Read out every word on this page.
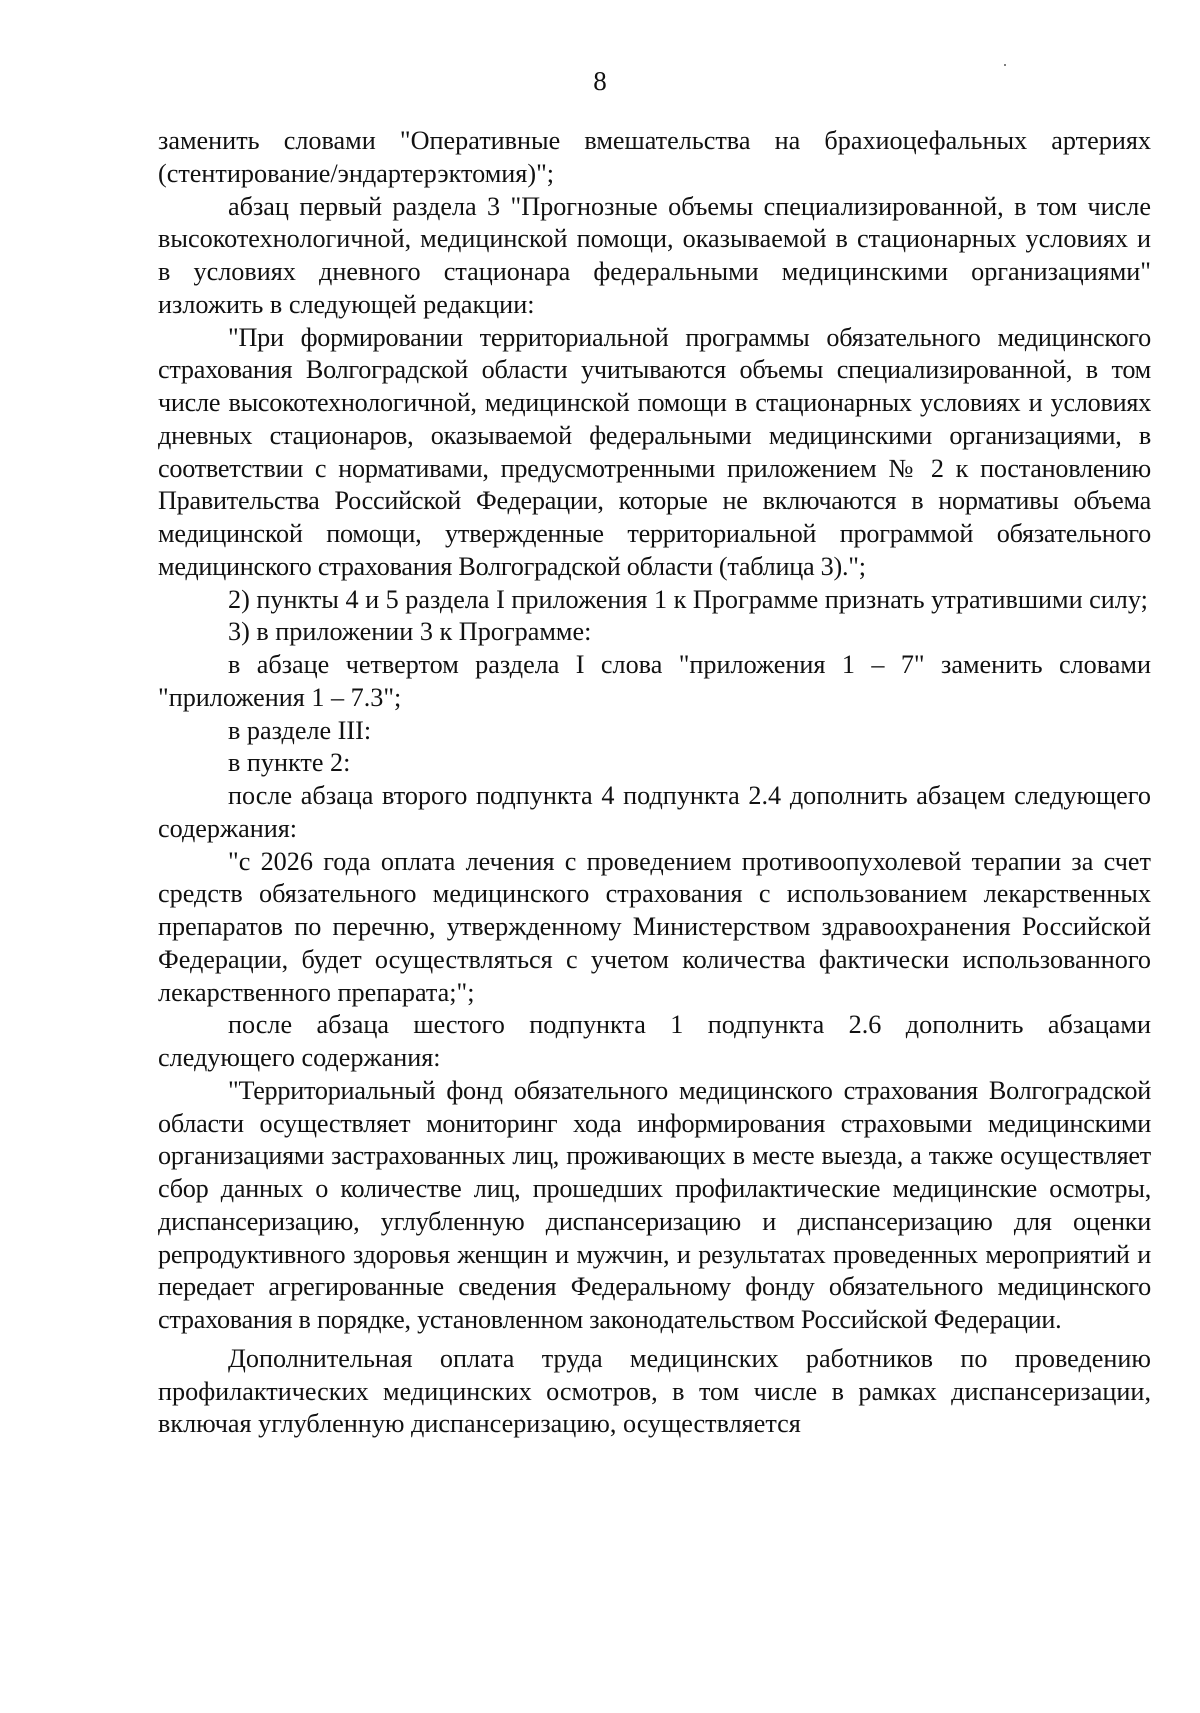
8

заменить словами "Оперативные вмешательства на брахиоцефальных артериях (стентирование/эндартерэктомия)";

абзац первый раздела 3 "Прогнозные объемы специализированной, в том числе высокотехнологичной, медицинской помощи, оказываемой в стационарных условиях и в условиях дневного стационара федеральными медицинскими организациями" изложить в следующей редакции:

"При формировании территориальной программы обязательного медицинского страхования Волгоградской области учитываются объемы специализированной, в том числе высокотехнологичной, медицинской помощи в стационарных условиях и условиях дневных стационаров, оказываемой федеральными медицинскими организациями, в соответствии с нормативами, предусмотренными приложением № 2 к постановлению Правительства Российской Федерации, которые не включаются в нормативы объема медицинской помощи, утвержденные территориальной программой обязательного медицинского страхования Волгоградской области (таблица 3).";

2) пункты 4 и 5 раздела I приложения 1 к Программе признать утратившими силу;

3) в приложении 3 к Программе:

в абзаце четвертом раздела I слова "приложения 1 – 7" заменить словами "приложения 1 – 7.3";

в разделе III:

в пункте 2:

после абзаца второго подпункта 4 подпункта 2.4 дополнить абзацем следующего содержания:

"с 2026 года оплата лечения с проведением противоопухолевой терапии за счет средств обязательного медицинского страхования с использованием лекарственных препаратов по перечню, утвержденному Министерством здравоохранения Российской Федерации, будет осуществляться с учетом количества фактически использованного лекарственного препарата;";

после абзаца шестого подпункта 1 подпункта 2.6 дополнить абзацами следующего содержания:

"Территориальный фонд обязательного медицинского страхования Волгоградской области осуществляет мониторинг хода информирования страховыми медицинскими организациями застрахованных лиц, проживающих в месте выезда, а также осуществляет сбор данных о количестве лиц, прошедших профилактические медицинские осмотры, диспансеризацию, углубленную диспансеризацию и диспансеризацию для оценки репродуктивного здоровья женщин и мужчин, и результатах проведенных мероприятий и передает агрегированные сведения Федеральному фонду обязательного медицинского страхования в порядке, установленном законодательством Российской Федерации.

Дополнительная оплата труда медицинских работников по проведению профилактических медицинских осмотров, в том числе в рамках диспансеризации, включая углубленную диспансеризацию, осуществляется
